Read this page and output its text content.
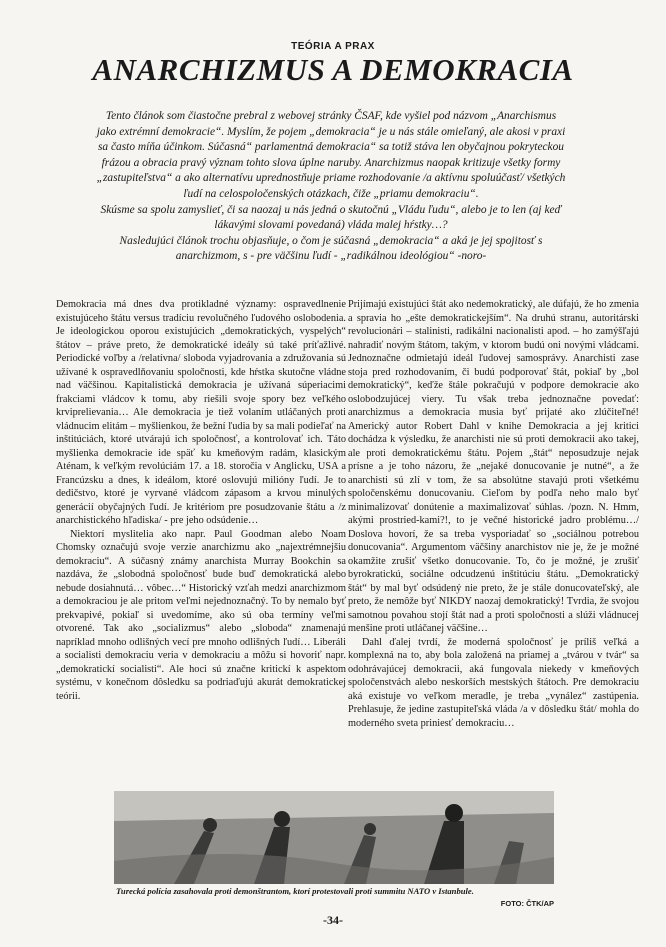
TEÓRIA A PRAX
ANARCHIZMUS A DEMOKRACIA

Tento článok som čiastočne prebral z webovej stránky ČSAF, kde vyšiel pod názvom „Anarchismus jako extrémní demokracie“. Myslím, že pojem „demokracia“ je u nás stále omieľaný, ale akosi v praxi sa často míňa účinkom. Súčasná“ parlamentná demokracia“ sa totiž stáva len obyčajnou pokryteckou frázou a obracia pravý význam tohto slova úplne naruby. Anarchizmus naopak kritizuje všetky formy „zastupiteľstva“ a ako alternatívu uprednostňuje priame rozhodovanie /a aktívnu spoluúčasť/ všetkých ľudí na celospoločenských otázkach, čiže „priamu demokraciu“.

Skúsme sa spolu zamyslieť, či sa naozaj u nás jedná o skutočnú „Vládu ľudu“, alebo je to len (aj keď lákavými slovami povedaná) vláda malej hŕstky…?

Nasledujúci článok trochu objasňuje, o čom je súčasná „demokracia“ a aká je jej spojitosť s anarchizmom, s - pre väčšinu ľudí - „radikálnou ideológiou“ -noro-

Demokracia má dnes dva protikladné významy: ospravedlnenie existujúceho štátu versus tradíciu revolučného ľudového oslobodenia. Je ideologickou oporou existujúcich „demokratických, vyspelých“ štátov – práve preto, že demokratické ideály sú také príťažlivé. Periodické voľby a /relatívna/ sloboda vyjadrovania a združovania sú užívané k ospravedlňovaniu spoločnosti, kde hŕstka skutočne vládne nad väčšinou. Kapitalistická demokracia je užívaná súperiacimi frakciami vládcov k tomu, aby riešili svoje spory bez veľkého krviprelievania… Ale demokracia je tiež volaním utláčaných proti vládnucim elitám – myšlienkou, že bežní ľudia by sa mali podieľať na inštitúciách, ktoré utvárajú ich spoločnosť, a kontrolovať ich. Táto myšlienka demokracie ide späť ku kmeňovým radám, klasickým Aténam, k veľkým revolúciám 17. a 18. storočia v Anglicku, USA a Francúzsku a dnes, k ideálom, ktoré oslovujú milióny ľudí. Je to dedičstvo, ktoré je vyrvané vládcom zápasom a krvou minulých generácií obyčajných ľudí. Je kritériom pre posudzovanie štátu a /z anarchistického hľadiska/ - pre jeho odsúdenie…

Niektorí myslitelia ako napr. Paul Goodman alebo Noam Chomsky označujú svoje verzie anarchizmu ako „najextrémnejšiu demokraciu“. A súčasný známy anarchista Murray Bookchin sa nazdáva, že „slobodná spoločnosť bude buď demokratická alebo nebude dosiahnutá… vôbec…“ Historický vzťah medzi anarchizmom a demokraciou je ale pritom veľmi nejednoznačný. To by nemalo byť prekvapivé, pokiaľ si uvedomíme, ako sú oba termíny veľmi otvorené. Tak ako „socializmus“ alebo „sloboda“ znamenajú napríklad mnoho odlišných vecí pre mnoho odlišných ľudí… Liberáli a socialisti demokraciu veria v demokraciu a môžu si hovoriť napr. „demokratickí socialisti“. Ale hoci sú značne kritickí k aspektom systému, v konečnom dôsledku sa podriaďujú akurát demokratickej teórii.

Prijímajú existujúci štát ako nedemokratický, ale dúfajú, že ho zmenia a spravia ho „ešte demokratickejším“. Na druhú stranu, autoritárski revolucionári – stalinisti, radikálni nacionalisti apod. – ho zamýšľajú nahradiť novým štátom, takým, v ktorom budú oni novými vládcami. Jednoznačne odmietajú ideál ľudovej samosprávy. Anarchisti zase stoja pred rozhodovaním, či budú podporovať štát, pokiaľ by „bol demokratický“, keďže štále pokračujú v podpore demokracie ako oslobodzujúcej viery. Tu však treba jednoznačne povedať: anarchizmus a demokracia musia byť prijaté ako zlúčiteľné! Americký autor Robert Dahl v knihe Demokracia a jej kritici dochádza k výsledku, že anarchisti nie sú proti demokracii ako takej, ale proti demokratickému štátu. Pojem „štát“ neposudzuje nejak prísne a je toho názoru, že „nejaké donucovanie je nutné“, a že anarchisti sú zlí v tom, že sa absolútne stavajú proti všetkému spoločenskému donucovaniu. Cieľom by podľa neho malo byť minimalizovať donútenie a maximalizovať súhlas. /pozn. N. Hmm, akými prostried-kami?!, to je večné historické jadro problému…/ Doslova hovorí, že sa treba vysporiadať so „sociálnou potrebou donucovania“. Argumentom väčšiny anarchistov nie je, že je možné okamžite zrušiť všetko donucovanie. To, čo je možné, je zrušiť byrokratickú, sociálne odcudzenú inštitúciu štátu. „Demokratický štát“ by mal byť odsúdený nie preto, že je stále donucovateľský, ale preto, že nemôže byť NIKDY naozaj demokratický! Tvrdia, že svojou samotnou povahou stojí štát nad a proti spoločnosti a slúži vládnucej menšine proti utláčanej väčšine…

Dahl ďalej tvrdí, že moderná spoločnosť je príliš veľká a komplexná na to, aby bola založená na priamej a „tvárou v tvár“ sa odohrávajúcej demokracii, aká fungovala niekedy v kmeňových spoločenstvách alebo neskorších mestských štátoch. Pre demokraciu aká existuje vo veľkom meradle, je treba „vynález“ zastúpenia. Prehlasuje, že jedine zastupiteľská vláda /a v dôsledku štát/ mohla do moderného sveta priniesť demokraciu…

Turecká polícia zasahovala proti demonštrantom, ktorí protestovali proti summitu NATO v Istanbule.
FOTO: ČTK/AP
-34-
